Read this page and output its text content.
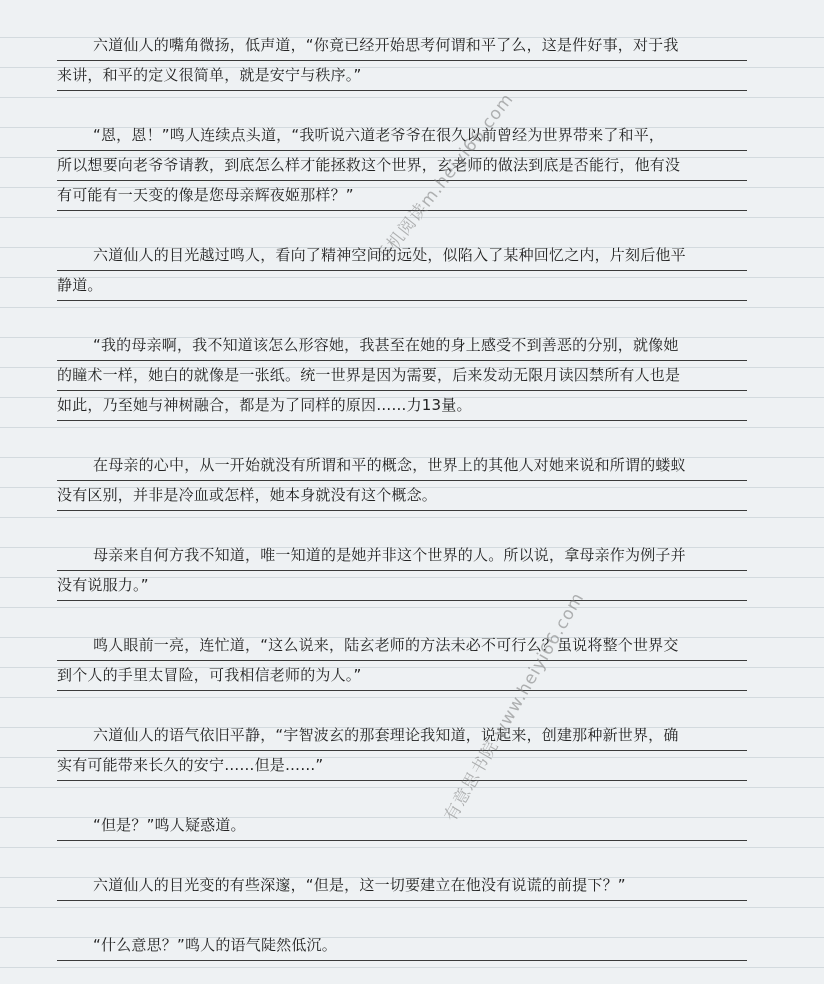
六道仙人的嘴角微扬，低声道，“你竟已经开始思考何谓和平了么，这是件好事，对于我
来讲，和平的定义很简单，就是安宁与秩序。”
“恩，恩！”鸣人连续点头道，“我听说六道老爷爷在很久以前曾经为世界带来了和平，
所以想要向老爷爷请教，到底怎么样才能拯救这个世界，玄老师的做法到底是否能行，他有没
有可能有一天变的像是您母亲辉夜姬那样？”
六道仙人的目光越过鸣人，看向了精神空间的远处，似陷入了某种回忆之内，片刻后他平
静道。
“我的母亲啊，我不知道该怎么形容她，我甚至在她的身上感受不到善恶的分别，就像她
的瞳术一样，她白的就像是一张纸。统一世界是因为需要，后来发动无限月读囚禁所有人也是
如此，乃至她与神树融合，都是为了同样的原因……力13量。
在母亲的心中，从一开始就没有所谓和平的概念，世界上的其他人对她来说和所谓的蝼蚁
没有区别，并非是冷血或怎样，她本身就没有这个概念。
母亲来自何方我不知道，唯一知道的是她并非这个世界的人。所以说，拿母亲作为例子并
没有说服力。”
鸣人眼前一亮，连忙道，“这么说来，陆玄老师的方法未必不可行么？虽说将整个世界交
到个人的手里太冒险，可我相信老师的为人。”
六道仙人的语气依旧平静，“宇智波玄的那套理论我知道，说起来，创建那种新世界，确
实有可能带来长久的安宁……但是……”
“但是？”鸣人疑惑道。
六道仙人的目光变的有些深邃，“但是，这一切要建立在他没有说谎的前提下？”
“什么意思？”鸣人的语气陡然低沉。
手机阅读m.heiyi66.com
有意思书院 www.heiyi66.com
